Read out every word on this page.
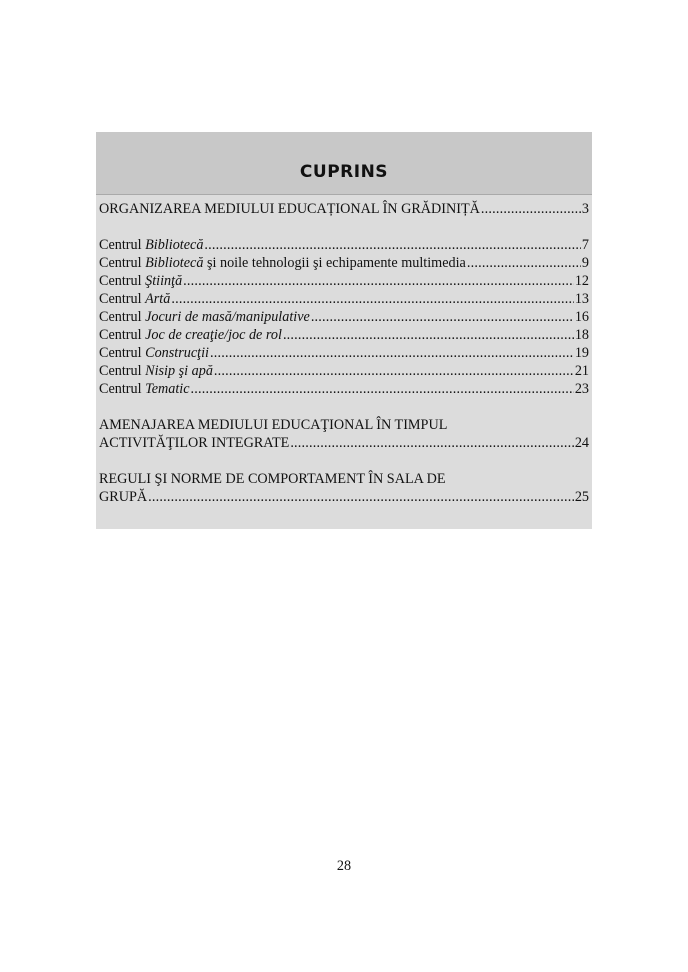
CUPRINS
ORGANIZAREA MEDIULUI EDUCAȚIONAL ÎN GRĂDINIȚĂ .....	3
Centrul Bibliotecă .....	7
Centrul Bibliotecă şi noile tehnologii şi echipamente multimedia .....	9
Centrul Ştiinţă .....	12
Centrul Artă .....	13
Centrul Jocuri de masă/manipulative .....	16
Centrul Joc de creaţie/joc de rol .....	18
Centrul Construcţii .....	19
Centrul Nisip şi apă .....	21
Centrul Tematic .....	23
AMENAJAREA MEDIULUI EDUCAŢIONAL ÎN TIMPUL
ACTIVITĂŢILOR INTEGRATE .....	24
REGULI ŞI NORME DE COMPORTAMENT ÎN SALA DE
GRUPĂ .....	25
28
